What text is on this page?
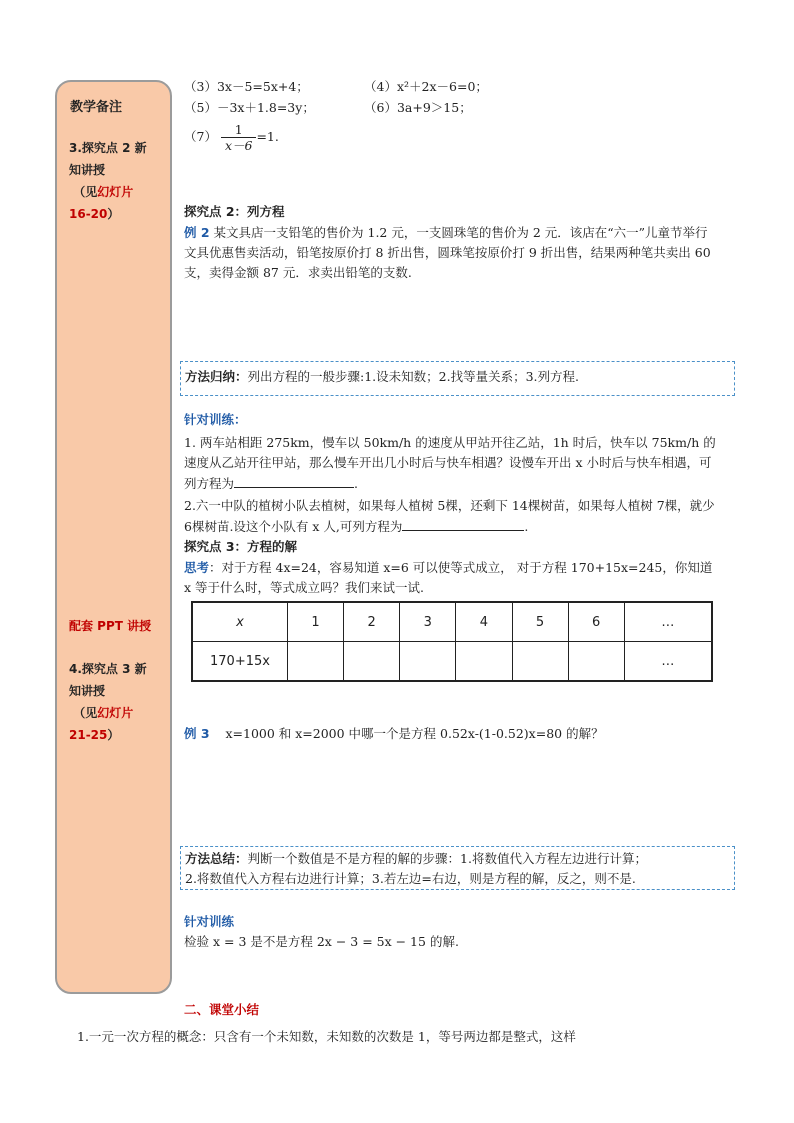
教学备注
3.探究点 2 新
知讲授
（见幻灯片
16-20）
配套 PPT 讲授
4.探究点 3 新
知讲授
（见幻灯片
21-25）
（3）3x－5=5x+4；	（4）x²＋2x－6=0；
（5）－3x＋1.8=3y；	（6）3a+9＞15；
$(7) \frac{1}{x-6} =1$.
探究点 2：列方程
例 2 某文具店一支铅笔的售价为 1.2 元，一支圆珠笔的售价为 2 元．该店在“六一”儿童节举行文具优惠售卖活动，铅笔按原价打 8 折出售，圆珠笔按原价打 9 折出售，结果两种笔共卖出 60 支，卖得金额 87 元．求卖出铅笔的支数.
方法归纳：列出方程的一般步骤:1.设未知数；2.找等量关系；3.列方程.
针对训练：
1. 两车站相距 275km，慢车以 50km/h 的速度从甲站开往乙站，1h 时后，快车以 75km/h 的速度从乙站开往甲站，那么慢车开出几小时后与快车相遇？设慢车开出 x 小时后与快车相遇，可列方程为	.
2.六一中队的植树小队去植树，如果每人植树 5棵，还剩下 14棵树苗，如果每人植树 7棵，就少 6棵树苗.设这个小队有 x 人,可列方程为	.
探究点 3：方程的解
思考：对于方程 4x=24，容易知道 x=6 可以使等式成立， 对于方程 170+15x=245，你知道 x 等于什么时，等式成立吗？我们来试一试.
x	1	2	3	4	5	6	…
170+15x							…
例 3 x=1000 和 x=2000 中哪一个是方程 0.52x-(1-0.52)x=80 的解？
方法总结：判断一个数值是不是方程的解的步骤：1.将数值代入方程左边进行计算；
2.将数值代入方程右边进行计算；3.若左边=右边，则是方程的解，反之，则不是.
针对训练
检验 x = 3 是不是方程 2x − 3 = 5x − 15 的解.
二、课堂小结
1.一元一次方程的概念：只含有一个未知数，未知数的次数是 1，等号两边都是整式，这样
